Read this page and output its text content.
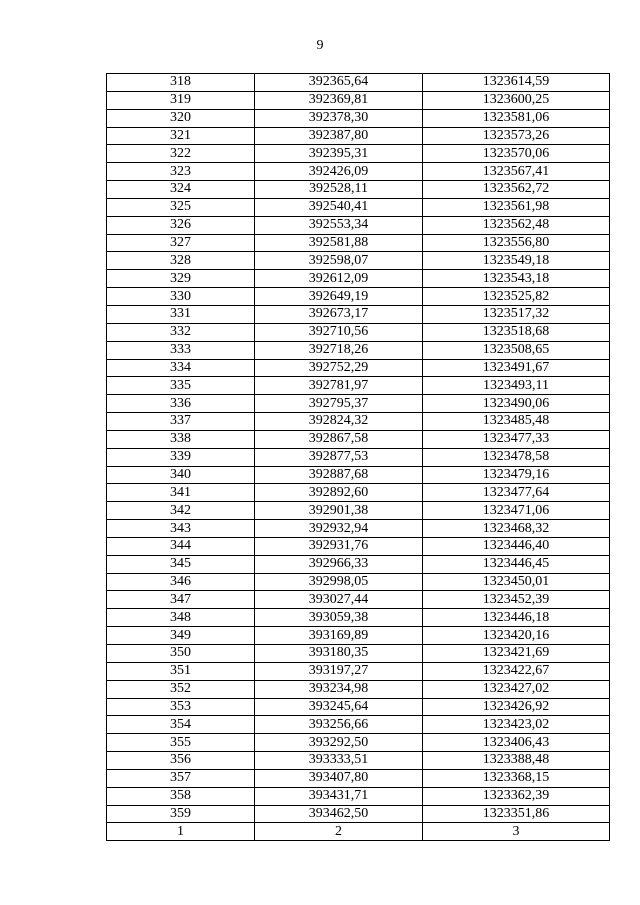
9
318	392365,64	1323614,59
319	392369,81	1323600,25
320	392378,30	1323581,06
321	392387,80	1323573,26
322	392395,31	1323570,06
323	392426,09	1323567,41
324	392528,11	1323562,72
325	392540,41	1323561,98
326	392553,34	1323562,48
327	392581,88	1323556,80
328	392598,07	1323549,18
329	392612,09	1323543,18
330	392649,19	1323525,82
331	392673,17	1323517,32
332	392710,56	1323518,68
333	392718,26	1323508,65
334	392752,29	1323491,67
335	392781,97	1323493,11
336	392795,37	1323490,06
337	392824,32	1323485,48
338	392867,58	1323477,33
339	392877,53	1323478,58
340	392887,68	1323479,16
341	392892,60	1323477,64
342	392901,38	1323471,06
343	392932,94	1323468,32
344	392931,76	1323446,40
345	392966,33	1323446,45
346	392998,05	1323450,01
347	393027,44	1323452,39
348	393059,38	1323446,18
349	393169,89	1323420,16
350	393180,35	1323421,69
351	393197,27	1323422,67
352	393234,98	1323427,02
353	393245,64	1323426,92
354	393256,66	1323423,02
355	393292,50	1323406,43
356	393333,51	1323388,48
357	393407,80	1323368,15
358	393431,71	1323362,39
359	393462,50	1323351,86
1	2	3
